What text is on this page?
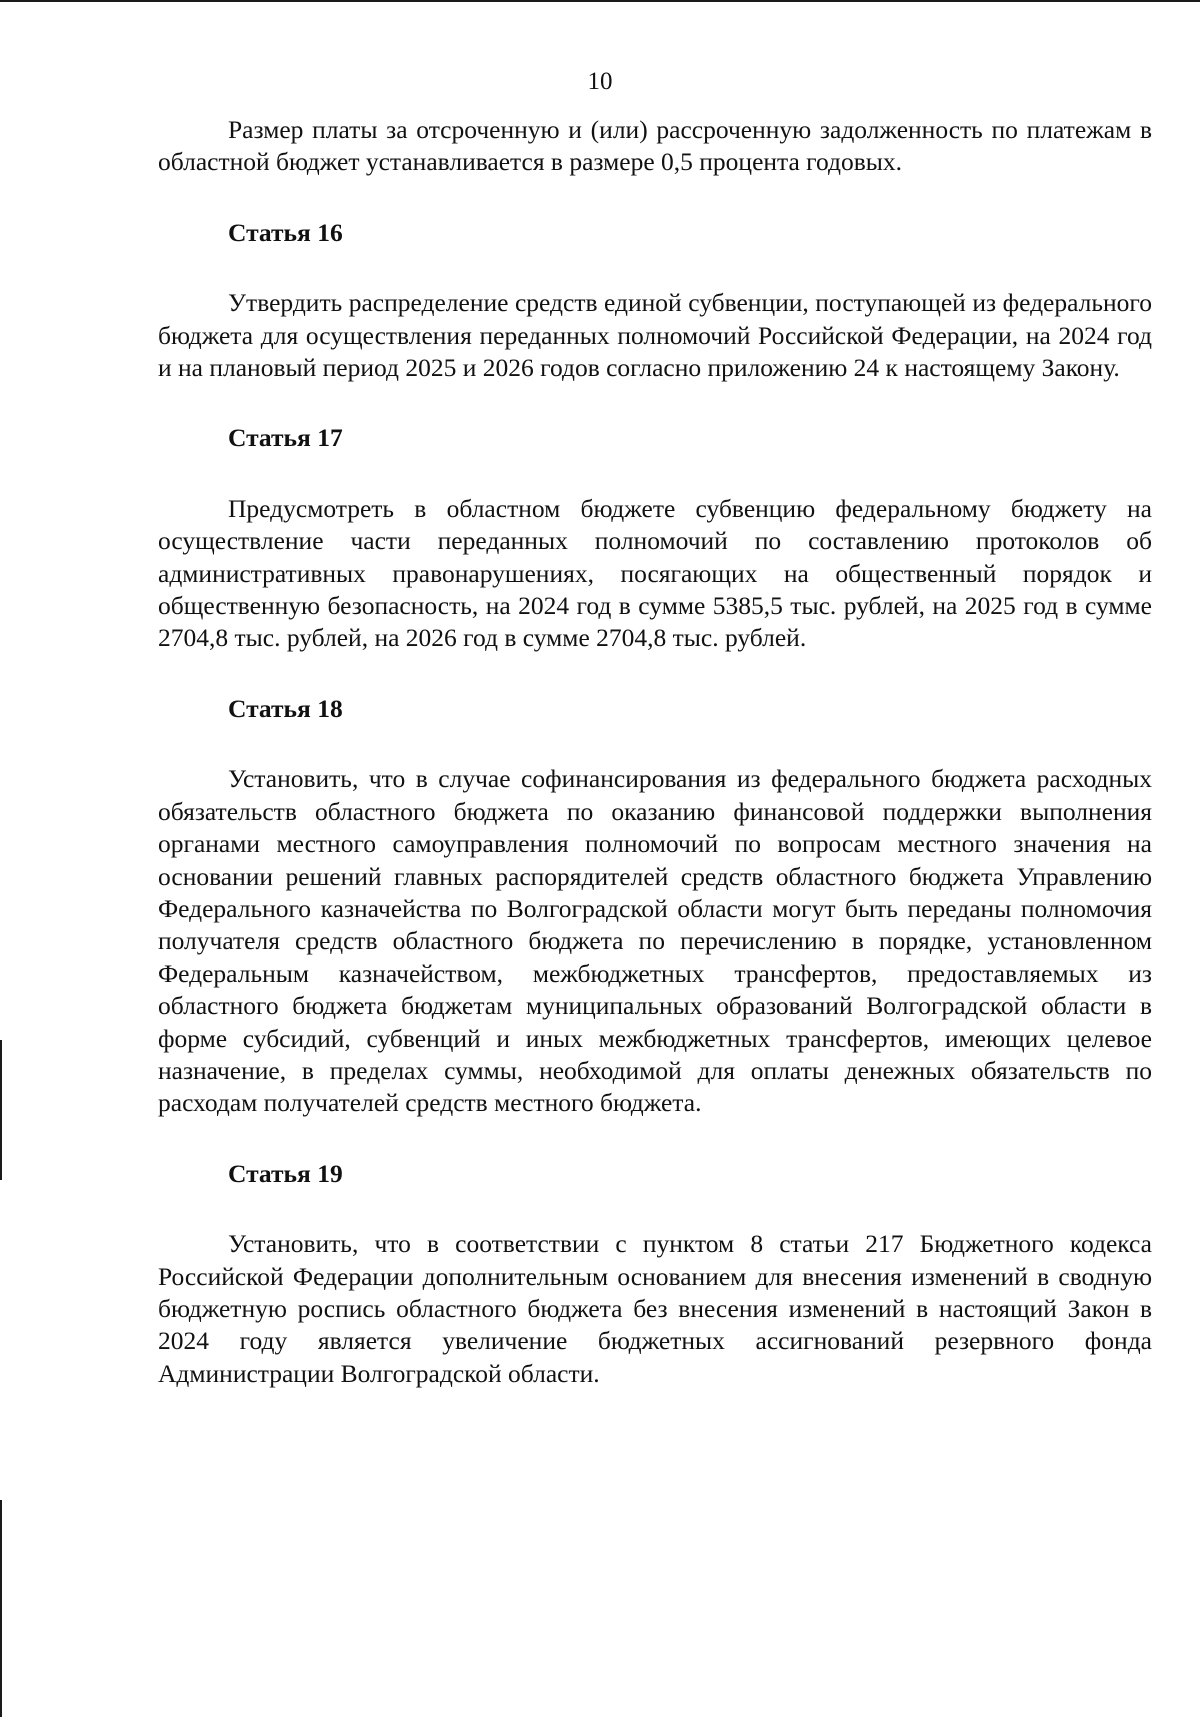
10

Размер платы за отсроченную и (или) рассроченную задолженность по платежам в областной бюджет устанавливается в размере 0,5 процента годовых.

Статья 16

Утвердить распределение средств единой субвенции, поступающей из федерального бюджета для осуществления переданных полномочий Российской Федерации, на 2024 год и на плановый период 2025 и 2026 годов согласно приложению 24 к настоящему Закону.

Статья 17

Предусмотреть в областном бюджете субвенцию федеральному бюджету на осуществление части переданных полномочий по составлению протоколов об административных правонарушениях, посягающих на общественный порядок и общественную безопасность, на 2024 год в сумме 5385,5 тыс. рублей, на 2025 год в сумме 2704,8 тыс. рублей, на 2026 год в сумме 2704,8 тыс. рублей.

Статья 18

Установить, что в случае софинансирования из федерального бюджета расходных обязательств областного бюджета по оказанию финансовой поддержки выполнения органами местного самоуправления полномочий по вопросам местного значения на основании решений главных распорядителей средств областного бюджета Управлению Федерального казначейства по Волгоградской области могут быть переданы полномочия получателя средств областного бюджета по перечислению в порядке, установленном Федеральным казначейством, межбюджетных трансфертов, предоставляемых из областного бюджета бюджетам муниципальных образований Волгоградской области в форме субсидий, субвенций и иных межбюджетных трансфертов, имеющих целевое назначение, в пределах суммы, необходимой для оплаты денежных обязательств по расходам получателей средств местного бюджета.

Статья 19

Установить, что в соответствии с пунктом 8 статьи 217 Бюджетного кодекса Российской Федерации дополнительным основанием для внесения изменений в сводную бюджетную роспись областного бюджета без внесения изменений в настоящий Закон в 2024 году является увеличение бюджетных ассигнований резервного фонда Администрации Волгоградской области.
